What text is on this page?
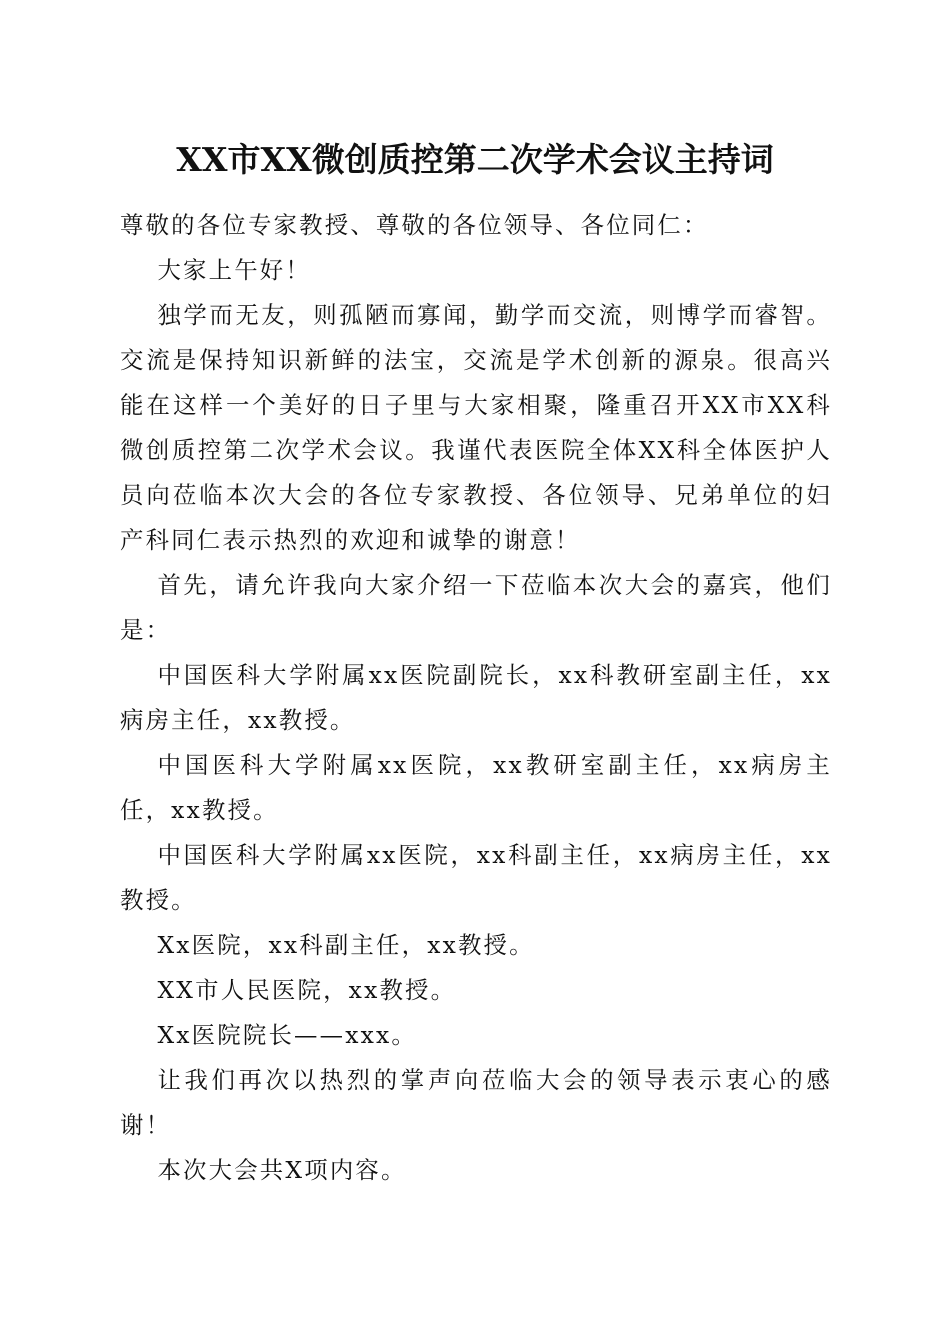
XX市XX微创质控第二次学术会议主持词

尊敬的各位专家教授、尊敬的各位领导、各位同仁：

大家上午好！

独学而无友，则孤陋而寡闻，勤学而交流，则博学而睿智。交流是保持知识新鲜的法宝，交流是学术创新的源泉。很高兴能在这样一个美好的日子里与大家相聚，隆重召开XX市XX科微创质控第二次学术会议。我谨代表医院全体XX科全体医护人员向莅临本次大会的各位专家教授、各位领导、兄弟单位的妇产科同仁表示热烈的欢迎和诚挚的谢意！

首先，请允许我向大家介绍一下莅临本次大会的嘉宾，他们是：

中国医科大学附属xx医院副院长，xx科教研室副主任，xx病房主任，xx教授。

中国医科大学附属xx医院，xx教研室副主任，xx病房主任，xx教授。

中国医科大学附属xx医院，xx科副主任，xx病房主任，xx教授。

Xx医院，xx科副主任，xx教授。

XX市人民医院，xx教授。

Xx医院院长——xxx。

让我们再次以热烈的掌声向莅临大会的领导表示衷心的感谢！

本次大会共X项内容。
